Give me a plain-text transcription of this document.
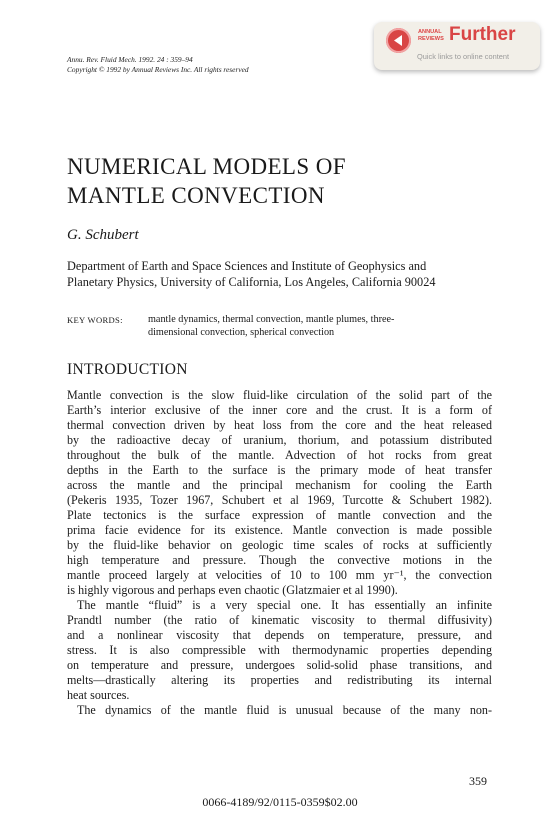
Annu. Rev. Fluid Mech. 1992. 24 : 359–94
Copyright © 1992 by Annual Reviews Inc. All rights reserved
ANNUAL
REVIEWS Further
Quick links to online content
NUMERICAL MODELS OF
MANTLE CONVECTION
G. Schubert
Department of Earth and Space Sciences and Institute of Geophysics and
Planetary Physics, University of California, Los Angeles, California 90024
KEY WORDS: mantle dynamics, thermal convection, mantle plumes, three-
dimensional convection, spherical convection
INTRODUCTION
Mantle convection is the slow fluid-like circulation of the solid part of the
Earth’s interior exclusive of the inner core and the crust. It is a form of
thermal convection driven by heat loss from the core and the heat released
by the radioactive decay of uranium, thorium, and potassium distributed
throughout the bulk of the mantle. Advection of hot rocks from great
depths in the Earth to the surface is the primary mode of heat transfer
across the mantle and the principal mechanism for cooling the Earth
(Pekeris 1935, Tozer 1967, Schubert et al 1969, Turcotte & Schubert 1982).
Plate tectonics is the surface expression of mantle convection and the
prima facie evidence for its existence. Mantle convection is made possible
by the fluid-like behavior on geologic time scales of rocks at sufficiently
high temperature and pressure. Though the convective motions in the
mantle proceed largely at velocities of 10 to 100 mm yr⁻¹, the convection
is highly vigorous and perhaps even chaotic (Glatzmaier et al 1990).
The mantle “fluid” is a very special one. It has essentially an infinite
Prandtl number (the ratio of kinematic viscosity to thermal diffusivity)
and a nonlinear viscosity that depends on temperature, pressure, and
stress. It is also compressible with thermodynamic properties depending
on temperature and pressure, undergoes solid-solid phase transitions, and
melts—drastically altering its properties and redistributing its internal
heat sources.
The dynamics of the mantle fluid is unusual because of the many non-
359
0066-4189/92/0115-0359$02.00
